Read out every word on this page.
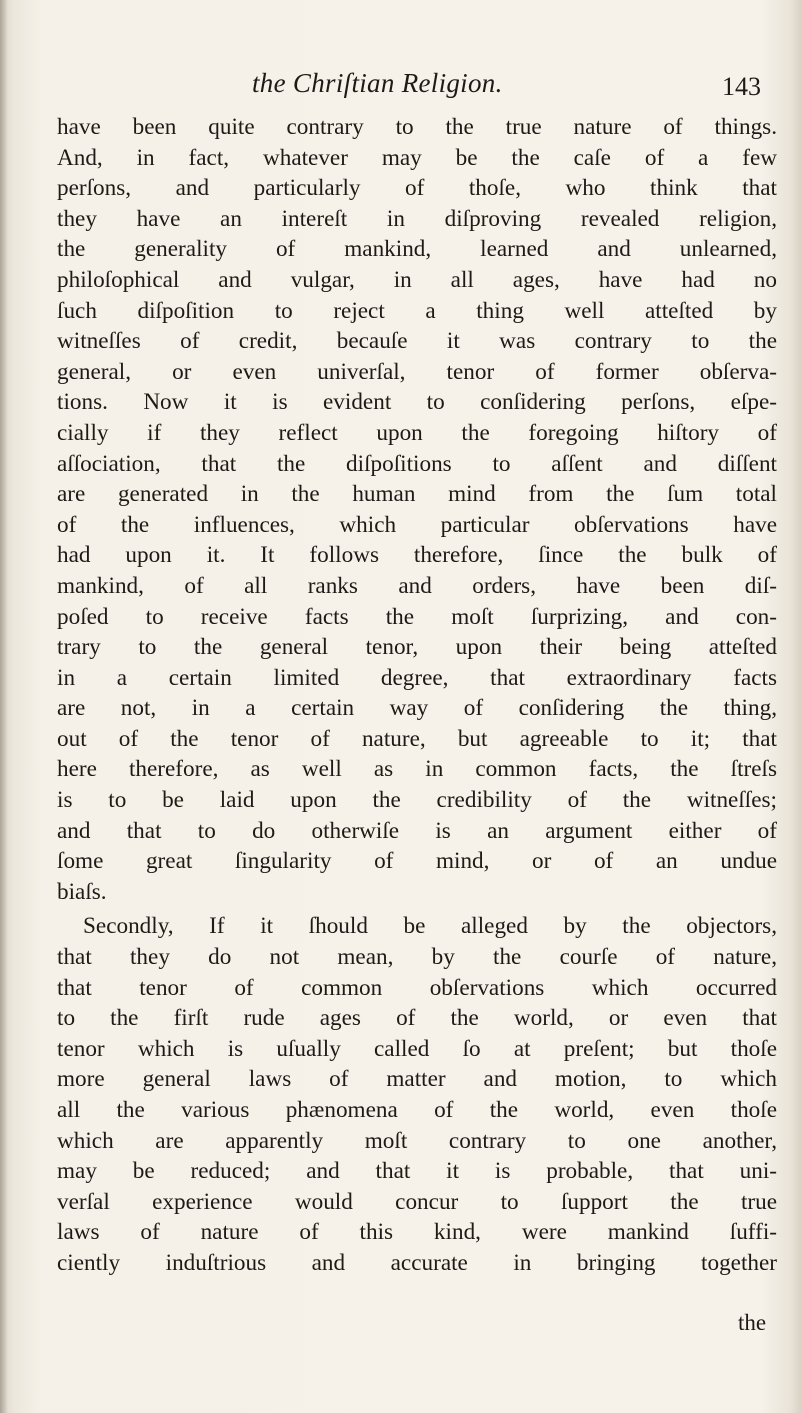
the Chriſtian Religion.	143
have been quite contrary to the true nature of things.
And, in fact, whatever may be the caſe of a few
perſons, and particularly of thoſe, who think that
they have an intereſt in diſproving revealed religion,
the generality of mankind, learned and unlearned,
philoſophical and vulgar, in all ages, have had no
ſuch diſpoſition to reject a thing well atteſted by
witneſſes of credit, becauſe it was contrary to the
general, or even univerſal, tenor of former obſerva-
tions. Now it is evident to conſidering perſons, eſpe-
cially if they reflect upon the foregoing hiſtory of
aſſociation, that the diſpoſitions to aſſent and diſſent
are generated in the human mind from the ſum total
of the influences, which particular obſervations have
had upon it. It follows therefore, ſince the bulk of
mankind, of all ranks and orders, have been diſ-
poſed to receive facts the moſt ſurprizing, and con-
trary to the general tenor, upon their being atteſted
in a certain limited degree, that extraordinary facts
are not, in a certain way of conſidering the thing,
out of the tenor of nature, but agreeable to it; that
here therefore, as well as in common facts, the ſtreſs
is to be laid upon the credibility of the witneſſes;
and that to do otherwiſe is an argument either of
ſome great ſingularity of mind, or of an undue
biaſs.
Secondly, If it ſhould be alleged by the objectors,
that they do not mean, by the courſe of nature,
that tenor of common obſervations which occurred
to the firſt rude ages of the world, or even that
tenor which is uſually called ſo at preſent; but thoſe
more general laws of matter and motion, to which
all the various phænomena of the world, even thoſe
which are apparently moſt contrary to one another,
may be reduced; and that it is probable, that uni-
verſal experience would concur to ſupport the true
laws of nature of this kind, were mankind ſuffi-
ciently induſtrious and accurate in bringing together
the
